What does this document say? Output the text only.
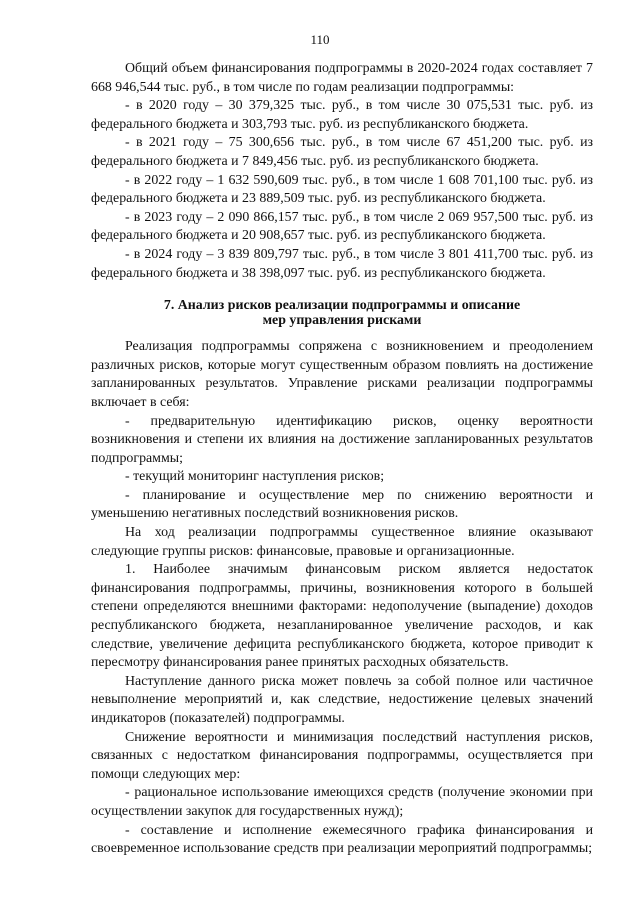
110

Общий объем финансирования подпрограммы в 2020-2024 годах составляет 7 668 946,544 тыс. руб., в том числе по годам реализации подпрограммы:

- в 2020 году – 30 379,325 тыс. руб., в том числе 30 075,531 тыс. руб. из федерального бюджета и 303,793 тыс. руб. из республиканского бюджета.

- в 2021 году – 75 300,656 тыс. руб., в том числе 67 451,200 тыс. руб. из федерального бюджета и 7 849,456 тыс. руб. из республиканского бюджета.

- в 2022 году – 1 632 590,609 тыс. руб., в том числе 1 608 701,100 тыс. руб. из федерального бюджета и 23 889,509 тыс. руб. из республиканского бюджета.

- в 2023 году – 2 090 866,157 тыс. руб., в том числе 2 069 957,500 тыс. руб. из федерального бюджета и 20 908,657 тыс. руб. из республиканского бюджета.

- в 2024 году – 3 839 809,797 тыс. руб., в том числе 3 801 411,700 тыс. руб. из федерального бюджета и 38 398,097 тыс. руб. из республиканского бюджета.

7. Анализ рисков реализации подпрограммы и описание
мер управления рисками

Реализация подпрограммы сопряжена с возникновением и преодолением различных рисков, которые могут существенным образом повлиять на достижение запланированных результатов. Управление рисками реализации подпрограммы включает в себя:

- предварительную идентификацию рисков, оценку вероятности возникновения и степени их влияния на достижение запланированных результатов подпрограммы;

- текущий мониторинг наступления рисков;

- планирование и осуществление мер по снижению вероятности и уменьшению негативных последствий возникновения рисков.

На ход реализации подпрограммы существенное влияние оказывают следующие группы рисков: финансовые, правовые и организационные.

1. Наиболее значимым финансовым риском является недостаток финансирования подпрограммы, причины, возникновения которого в большей степени определяются внешними факторами: недополучение (выпадение) доходов республиканского бюджета, незапланированное увеличение расходов, и как следствие, увеличение дефицита республиканского бюджета, которое приводит к пересмотру финансирования ранее принятых расходных обязательств.

Наступление данного риска может повлечь за собой полное или частичное невыполнение мероприятий и, как следствие, недостижение целевых значений индикаторов (показателей) подпрограммы.

Снижение вероятности и минимизация последствий наступления рисков, связанных с недостатком финансирования подпрограммы, осуществляется при помощи следующих мер:

- рациональное использование имеющихся средств (получение экономии при осуществлении закупок для государственных нужд);

- составление и исполнение ежемесячного графика финансирования и своевременное использование средств при реализации мероприятий подпрограммы;
